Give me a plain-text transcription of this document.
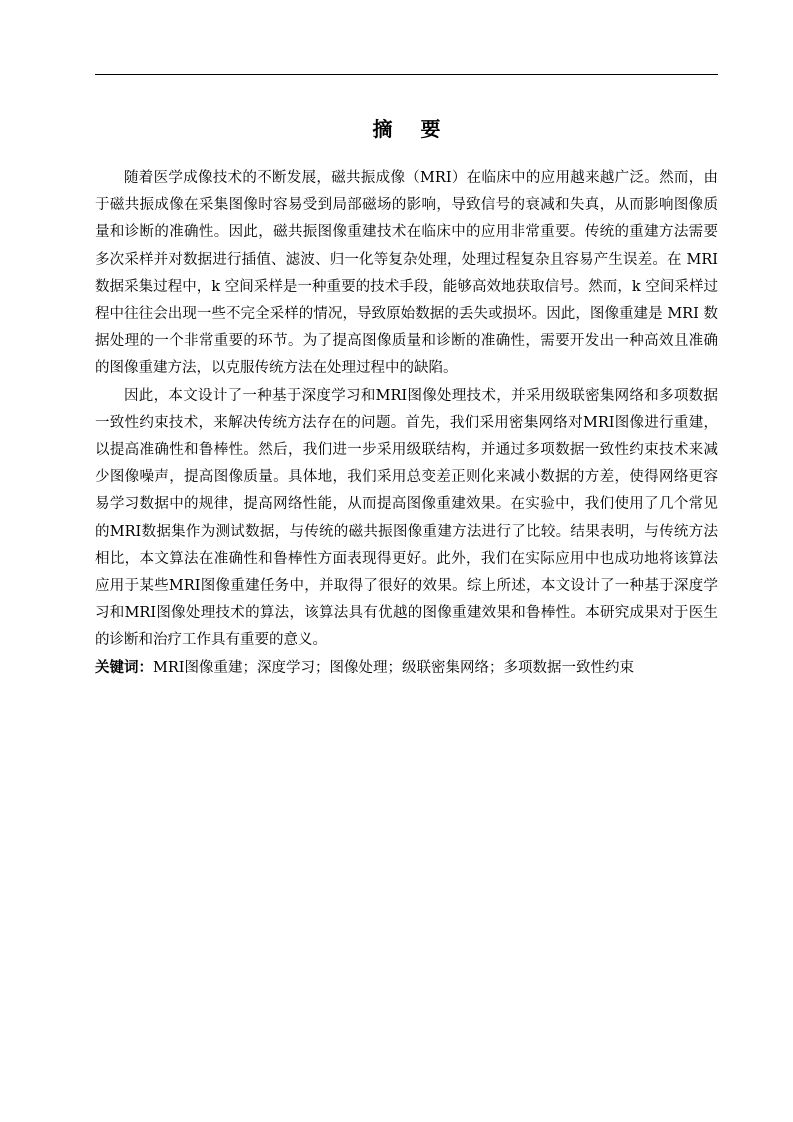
摘要

随着医学成像技术的不断发展，磁共振成像（MRI）在临床中的应用越来越广泛。然而，由于磁共振成像在采集图像时容易受到局部磁场的影响，导致信号的衰减和失真，从而影响图像质量和诊断的准确性。因此，磁共振图像重建技术在临床中的应用非常重要。传统的重建方法需要多次采样并对数据进行插值、滤波、归一化等复杂处理，处理过程复杂且容易产生误差。在 MRI 数据采集过程中，k 空间采样是一种重要的技术手段，能够高效地获取信号。然而，k 空间采样过程中往往会出现一些不完全采样的情况，导致原始数据的丢失或损坏。因此，图像重建是 MRI 数据处理的一个非常重要的环节。为了提高图像质量和诊断的准确性，需要开发出一种高效且准确的图像重建方法，以克服传统方法在处理过程中的缺陷。

因此，本文设计了一种基于深度学习和MRI图像处理技术，并采用级联密集网络和多项数据一致性约束技术，来解决传统方法存在的问题。首先，我们采用密集网络对MRI图像进行重建，以提高准确性和鲁棒性。然后，我们进一步采用级联结构，并通过多项数据一致性约束技术来减少图像噪声，提高图像质量。具体地，我们采用总变差正则化来减小数据的方差，使得网络更容易学习数据中的规律，提高网络性能，从而提高图像重建效果。在实验中，我们使用了几个常见的MRI数据集作为测试数据，与传统的磁共振图像重建方法进行了比较。结果表明，与传统方法相比，本文算法在准确性和鲁棒性方面表现得更好。此外，我们在实际应用中也成功地将该算法应用于某些MRI图像重建任务中，并取得了很好的效果。综上所述，本文设计了一种基于深度学习和MRI图像处理技术的算法，该算法具有优越的图像重建效果和鲁棒性。本研究成果对于医生的诊断和治疗工作具有重要的意义。

关键词：MRI图像重建；深度学习；图像处理；级联密集网络；多项数据一致性约束
